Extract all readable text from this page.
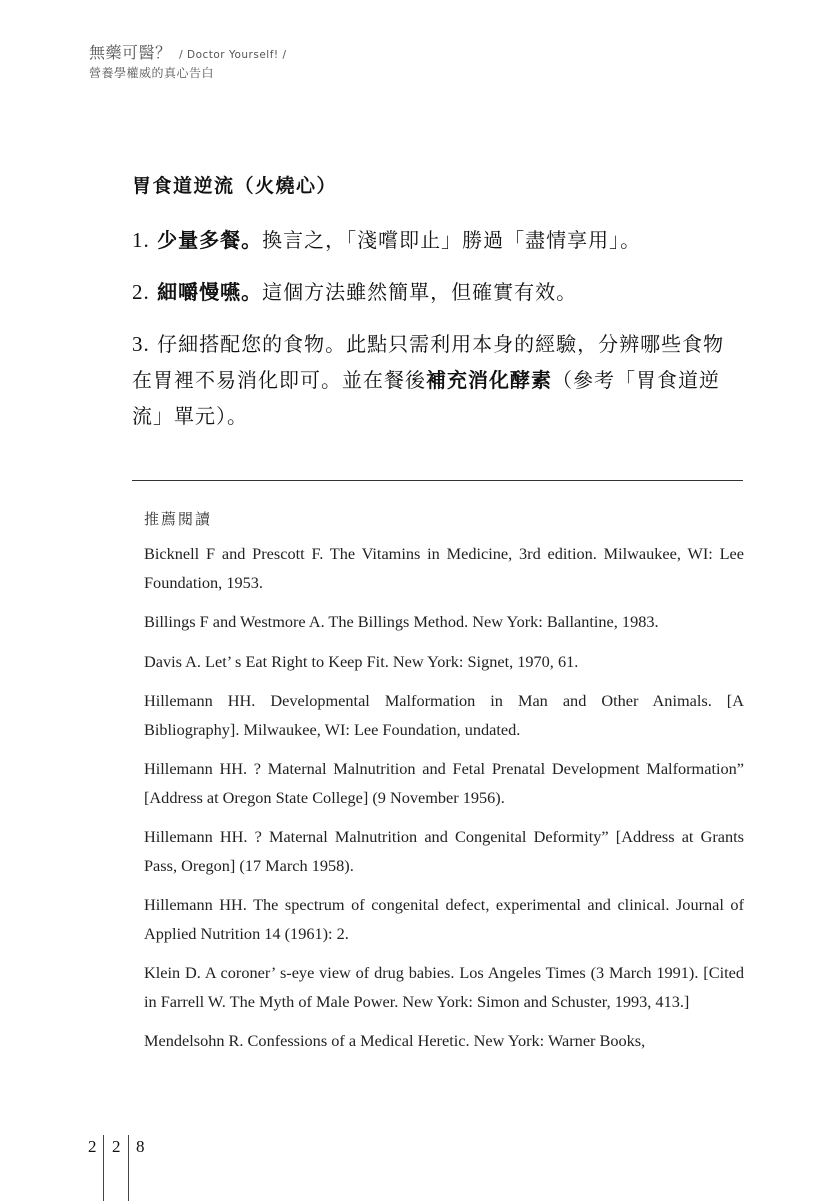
無藥可醫？ / Doctor Yourself! /
營養學權威的真心告白
胃食道逆流（火燒心）
1. 少量多餐。換言之，「淺嚐即止」勝過「盡情享用」。
2. 細嚼慢嚥。這個方法雖然簡單，但確實有效。
3. 仔細搭配您的食物。此點只需利用本身的經驗，分辨哪些食物在胃裡不易消化即可。並在餐後補充消化酵素（參考「胃食道逆流」單元）。
推薦閱讀
Bicknell F and Prescott F. The Vitamins in Medicine, 3rd edition. Milwaukee, WI: Lee Foundation, 1953.
Billings F and Westmore A. The Billings Method. New York: Ballantine, 1983.
Davis A. Let’ s Eat Right to Keep Fit. New York: Signet, 1970, 61.
Hillemann HH. Developmental Malformation in Man and Other Animals. [A Bibliography]. Milwaukee, WI: Lee Foundation, undated.
Hillemann HH. ? Maternal Malnutrition and Fetal Prenatal Development Malformation” [Address at Oregon State College] (9 November 1956).
Hillemann HH. ? Maternal Malnutrition and Congenital Deformity” [Address at Grants Pass, Oregon] (17 March 1958).
Hillemann HH. The spectrum of congenital defect, experimental and clinical. Journal of Applied Nutrition 14 (1961): 2.
Klein D. A coroner’ s-eye view of drug babies. Los Angeles Times (3 March 1991). [Cited in Farrell W. The Myth of Male Power. New York: Simon and Schuster, 1993, 413.]
Mendelsohn R. Confessions of a Medical Heretic. New York: Warner Books,
2 2 8
